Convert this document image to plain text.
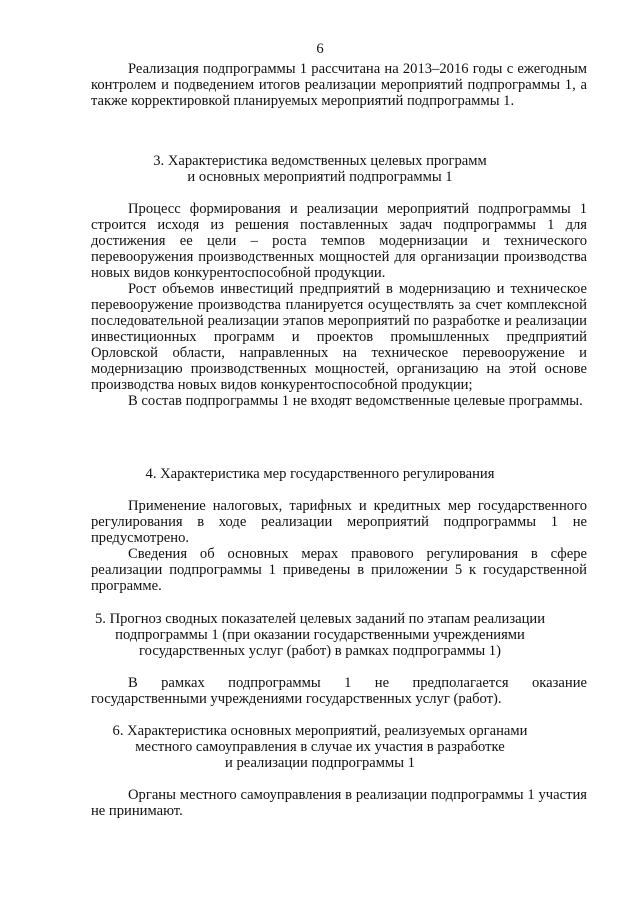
6

Реализация подпрограммы 1 рассчитана на 2013–2016 годы с ежегодным контролем и подведением итогов реализации мероприятий подпрограммы 1, а также корректировкой планируемых мероприятий подпрограммы 1.

3. Характеристика ведомственных целевых программ
и основных мероприятий подпрограммы 1

Процесс формирования и реализации мероприятий подпрограммы 1 строится исходя из решения поставленных задач подпрограммы 1 для достижения ее цели – роста темпов модернизации и технического перевооружения производственных мощностей для организации производства новых видов конкурентоспособной продукции.

Рост объемов инвестиций предприятий в модернизацию и техническое перевооружение производства планируется осуществлять за счет комплексной последовательной реализации этапов мероприятий по разработке и реализации инвестиционных программ и проектов промышленных предприятий Орловской области, направленных на техническое перевооружение и модернизацию производственных мощностей, организацию на этой основе производства новых видов конкурентоспособной продукции;

В состав подпрограммы 1 не входят ведомственные целевые программы.

4. Характеристика мер государственного регулирования

Применение налоговых, тарифных и кредитных мер государственного регулирования в ходе реализации мероприятий подпрограммы 1 не предусмотрено.

Сведения об основных мерах правового регулирования в сфере реализации подпрограммы 1 приведены в приложении 5 к государственной программе.

5. Прогноз сводных показателей целевых заданий по этапам реализации
подпрограммы 1 (при оказании государственными учреждениями
государственных услуг (работ) в рамках подпрограммы 1)

В рамках подпрограммы 1 не предполагается оказание государственными учреждениями государственных услуг (работ).

6. Характеристика основных мероприятий, реализуемых органами
местного самоуправления в случае их участия в разработке
и реализации подпрограммы 1

Органы местного самоуправления в реализации подпрограммы 1 участия не принимают.
